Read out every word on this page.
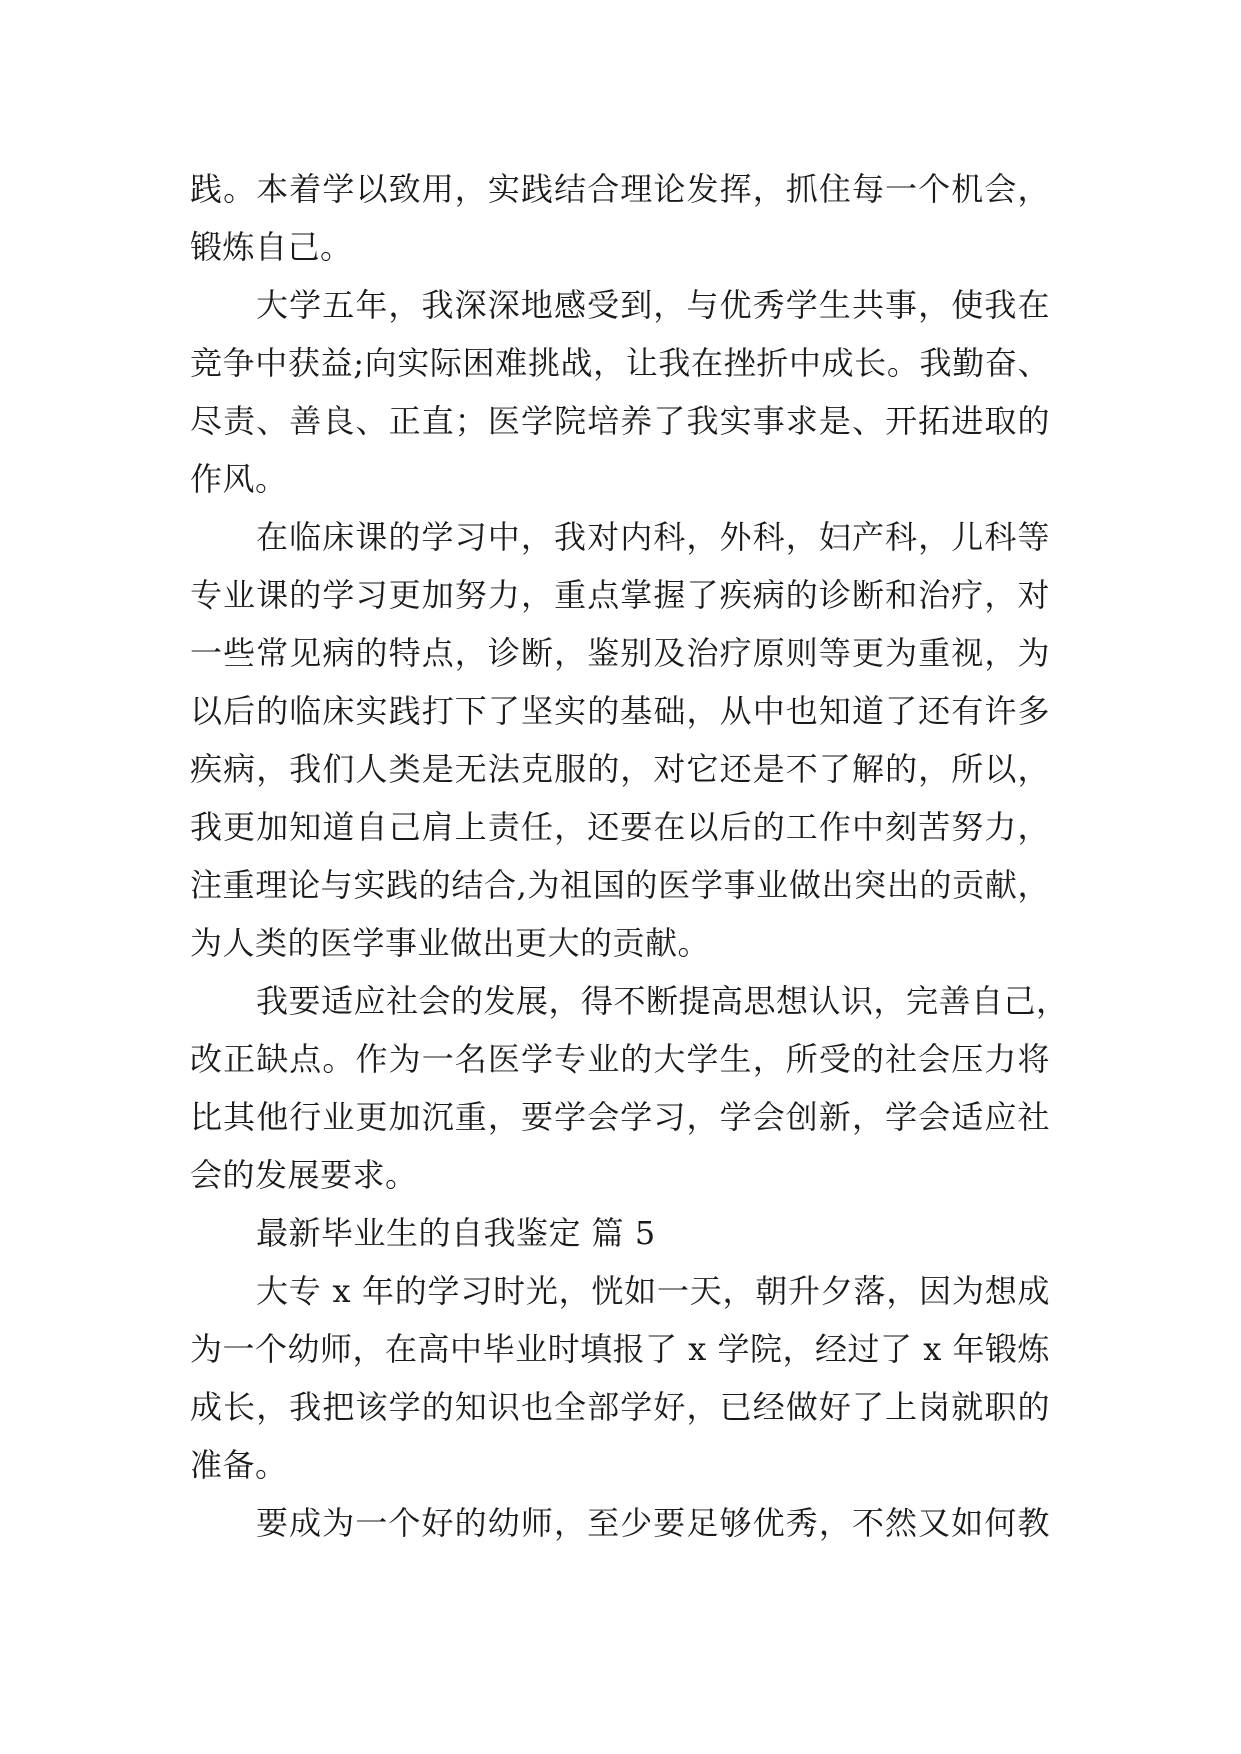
践。本着学以致用，实践结合理论发挥，抓住每一个机会，
锻炼自己。

大学五年，我深深地感受到，与优秀学生共事，使我在
竞争中获益;向实际困难挑战，让我在挫折中成长。我勤奋、
尽责、善良、正直；医学院培养了我实事求是、开拓进取的
作风。

在临床课的学习中，我对内科，外科，妇产科，儿科等
专业课的学习更加努力，重点掌握了疾病的诊断和治疗，对
一些常见病的特点，诊断，鉴别及治疗原则等更为重视，为
以后的临床实践打下了坚实的基础，从中也知道了还有许多
疾病，我们人类是无法克服的，对它还是不了解的，所以，
我更加知道自己肩上责任，还要在以后的工作中刻苦努力，
注重理论与实践的结合,为祖国的医学事业做出突出的贡献，
为人类的医学事业做出更大的贡献。

我要适应社会的发展，得不断提高思想认识，完善自己，
改正缺点。作为一名医学专业的大学生，所受的社会压力将
比其他行业更加沉重，要学会学习，学会创新，学会适应社
会的发展要求。

最新毕业生的自我鉴定 篇 5

大专 x 年的学习时光，恍如一天，朝升夕落，因为想成
为一个幼师，在高中毕业时填报了 x 学院，经过了 x 年锻炼
成长，我把该学的知识也全部学好，已经做好了上岗就职的
准备。

要成为一个好的幼师，至少要足够优秀，不然又如何教
